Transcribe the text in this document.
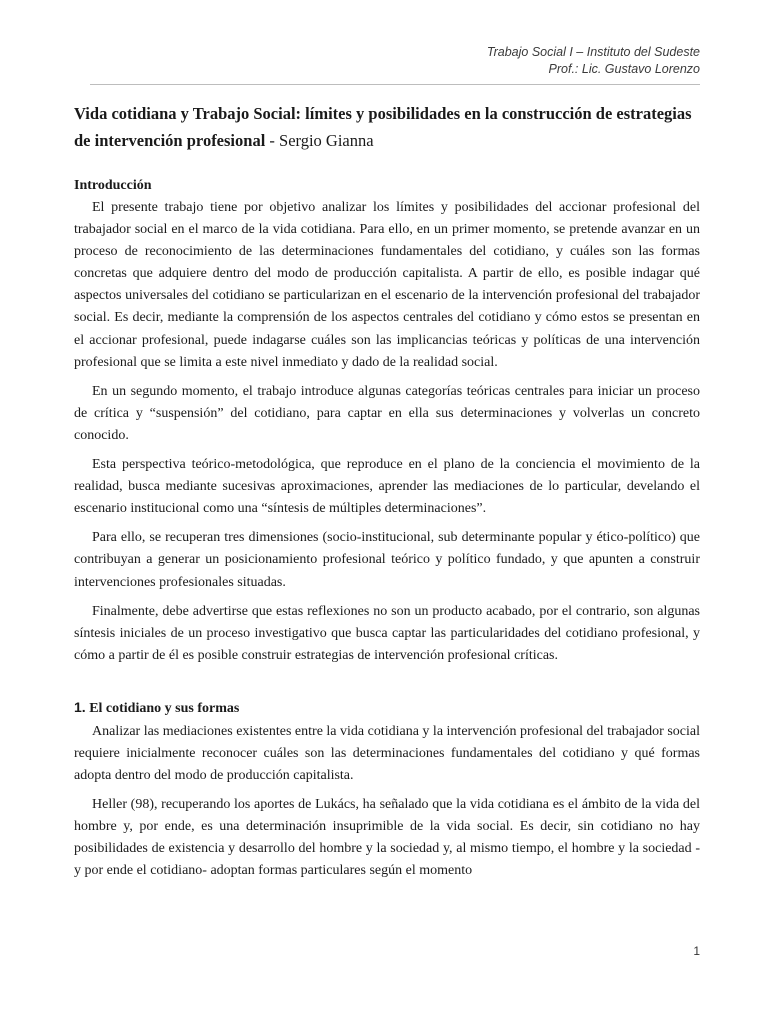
Trabajo Social I – Instituto del Sudeste
Prof.: Lic. Gustavo Lorenzo
Vida cotidiana y Trabajo Social: límites y posibilidades en la construcción de estrategias de intervención profesional - Sergio Gianna
Introducción

El presente trabajo tiene por objetivo analizar los límites y posibilidades del accionar profesional del trabajador social en el marco de la vida cotidiana. Para ello, en un primer momento, se pretende avanzar en un proceso de reconocimiento de las determinaciones fundamentales del cotidiano, y cuáles son las formas concretas que adquiere dentro del modo de producción capitalista. A partir de ello, es posible indagar qué aspectos universales del cotidiano se particularizan en el escenario de la intervención profesional del trabajador social. Es decir, mediante la comprensión de los aspectos centrales del cotidiano y cómo estos se presentan en el accionar profesional, puede indagarse cuáles son las implicancias teóricas y políticas de una intervención profesional que se limita a este nivel inmediato y dado de la realidad social.

En un segundo momento, el trabajo introduce algunas categorías teóricas centrales para iniciar un proceso de crítica y “suspensión” del cotidiano, para captar en ella sus determinaciones y volverlas un concreto conocido.

Esta perspectiva teórico-metodológica, que reproduce en el plano de la conciencia el movimiento de la realidad, busca mediante sucesivas aproximaciones, aprender las mediaciones de lo particular, develando el escenario institucional como una “síntesis de múltiples determinaciones”.

Para ello, se recuperan tres dimensiones (socio-institucional, sub determinante popular y ético-político) que contribuyan a generar un posicionamiento profesional teórico y político fundado, y que apunten a construir intervenciones profesionales situadas.

Finalmente, debe advertirse que estas reflexiones no son un producto acabado, por el contrario, son algunas síntesis iniciales de un proceso investigativo que busca captar las particularidades del cotidiano profesional, y cómo a partir de él es posible construir estrategias de intervención profesional críticas.

1. El cotidiano y sus formas

Analizar las mediaciones existentes entre la vida cotidiana y la intervención profesional del trabajador social requiere inicialmente reconocer cuáles son las determinaciones fundamentales del cotidiano y qué formas adopta dentro del modo de producción capitalista.

Heller (98), recuperando los aportes de Lukács, ha señalado que la vida cotidiana es el ámbito de la vida del hombre y, por ende, es una determinación insuprimible de la vida social. Es decir, sin cotidiano no hay posibilidades de existencia y desarrollo del hombre y la sociedad y, al mismo tiempo, el hombre y la sociedad -y por ende el cotidiano- adoptan formas particulares según el momento

1
